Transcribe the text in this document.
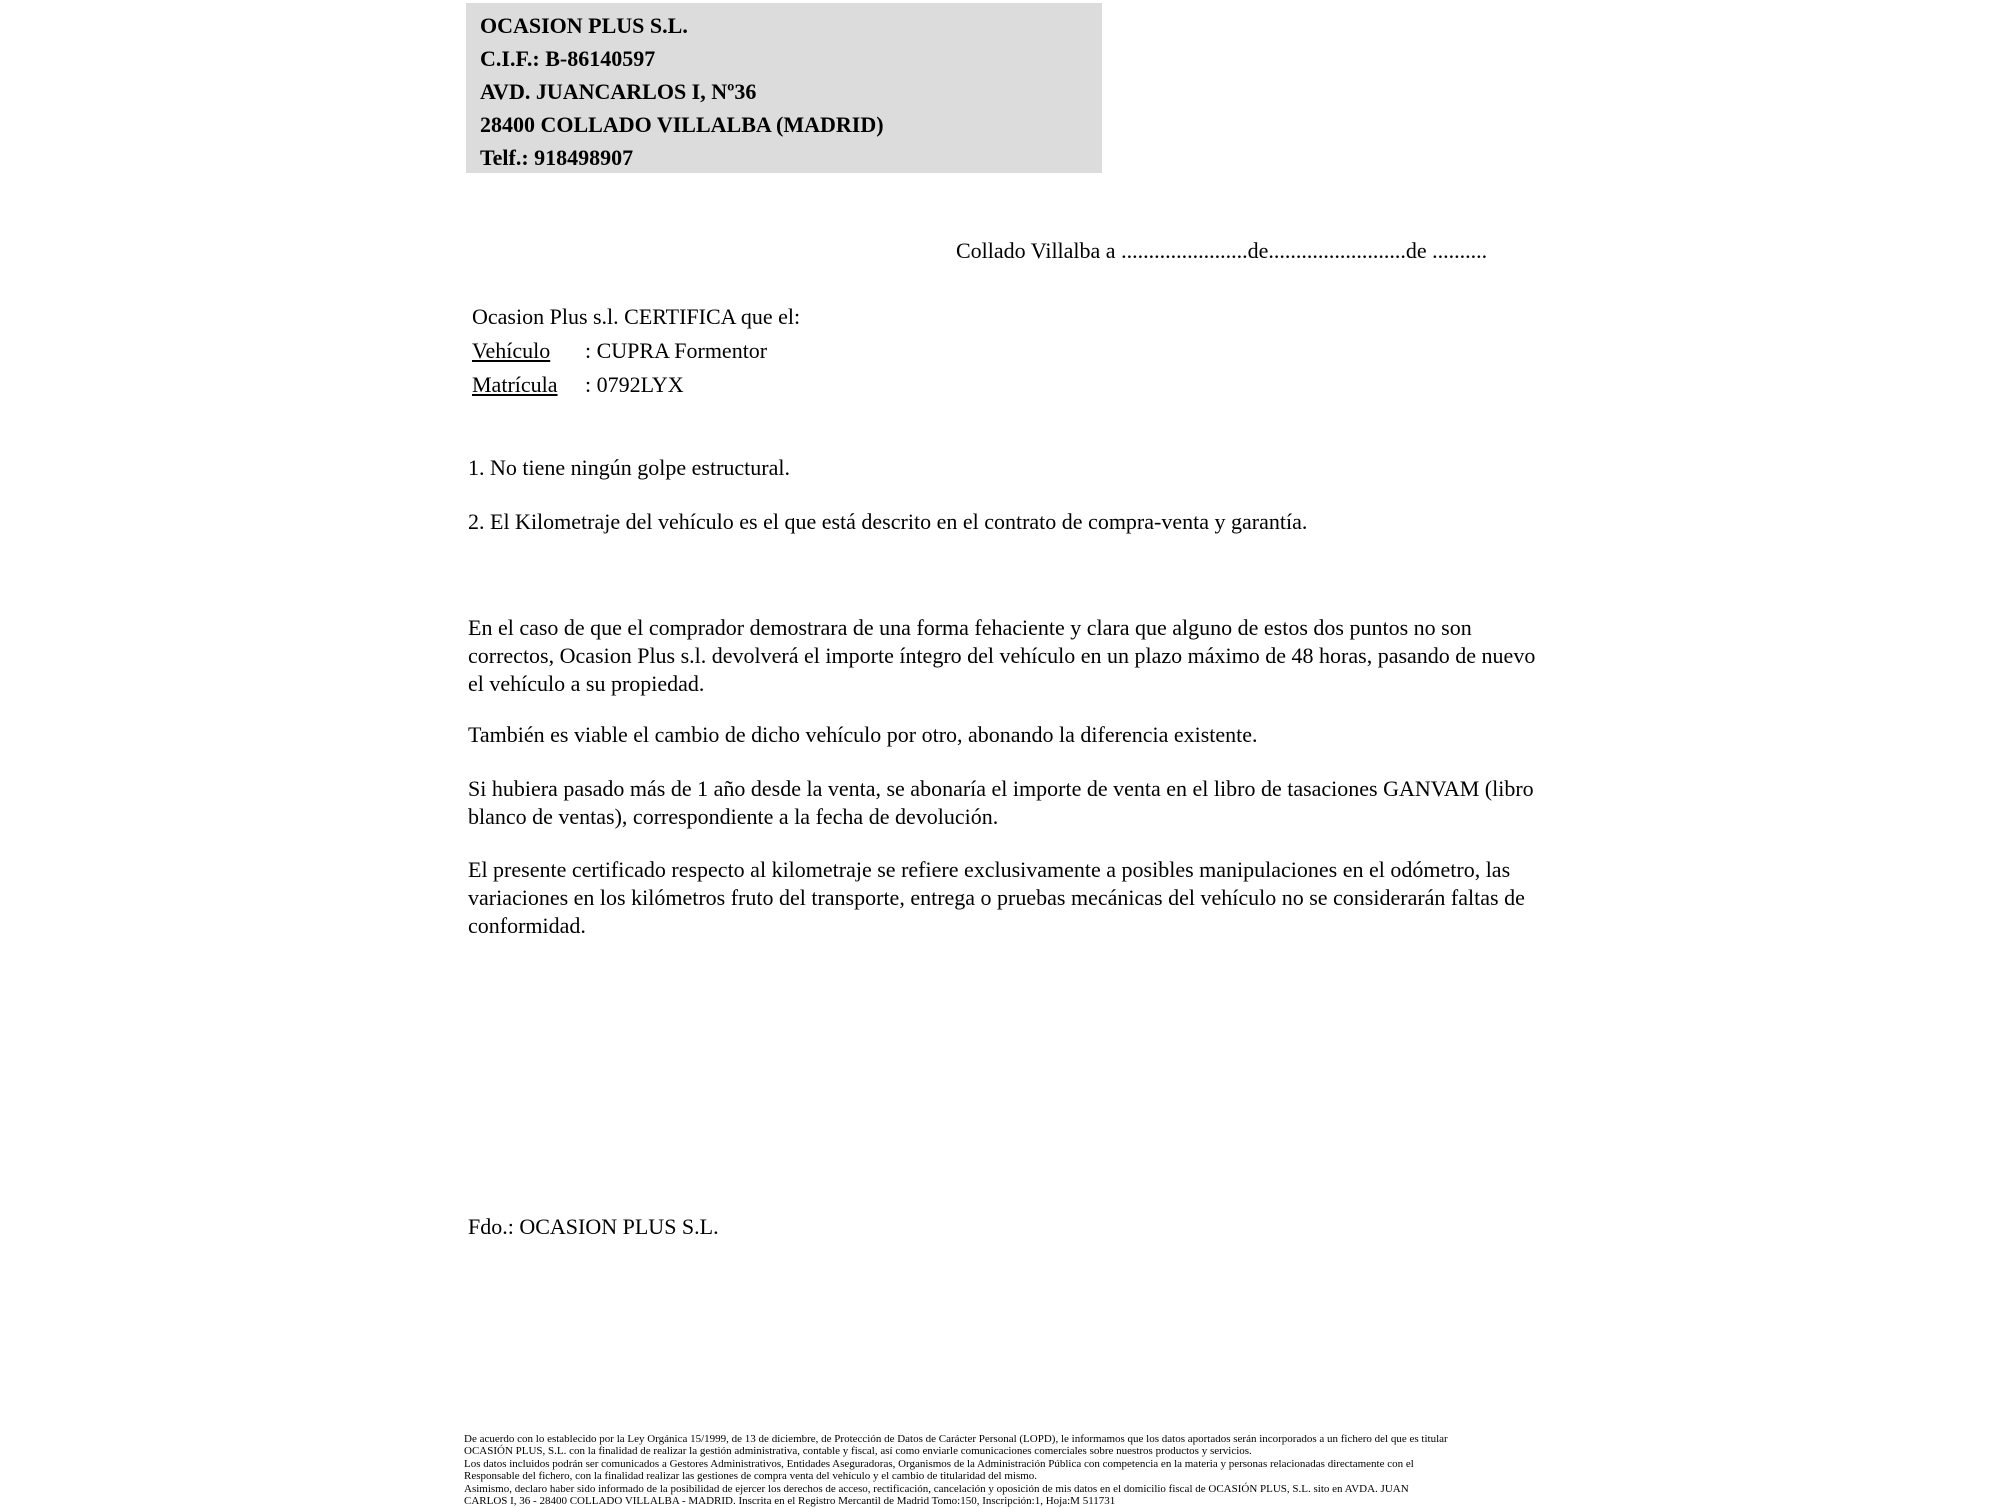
OCASION PLUS S.L.
C.I.F.: B-86140597
AVD. JUANCARLOS I, Nº36
28400 COLLADO VILLALBA (MADRID)
Telf.: 918498907
Collado Villalba a .......................de.........................de ..........
Ocasion Plus s.l. CERTIFICA que el:
Vehículo : CUPRA Formentor
Matrícula : 0792LYX
1. No tiene ningún golpe estructural.
2. El Kilometraje del vehículo es el que está descrito en el contrato de compra-venta y garantía.
En el caso de que el comprador demostrara de una forma fehaciente y clara que alguno de estos dos puntos no son correctos, Ocasion Plus s.l. devolverá el importe íntegro del vehículo en un plazo máximo de 48 horas, pasando de nuevo el vehículo a su propiedad.
También es viable el cambio de dicho vehículo por otro, abonando la diferencia existente.
Si hubiera pasado más de 1 año desde la venta, se abonaría el importe de venta en el libro de tasaciones GANVAM (libro blanco de ventas), correspondiente a la fecha de devolución.
El presente certificado respecto al kilometraje se refiere exclusivamente a posibles manipulaciones en el odómetro, las variaciones en los kilómetros fruto del transporte, entrega o pruebas mecánicas del vehículo no se considerarán faltas de conformidad.
Fdo.: OCASION PLUS S.L.
De acuerdo con lo establecido por la Ley Orgánica 15/1999, de 13 de diciembre, de Protección de Datos de Carácter Personal (LOPD), le informamos que los datos aportados serán incorporados a un fichero del que es titular
OCASIÓN PLUS, S.L. con la finalidad de realizar la gestión administrativa, contable y fiscal, así como enviarle comunicaciones comerciales sobre nuestros productos y servicios.
Los datos incluidos podrán ser comunicados a Gestores Administrativos, Entidades Aseguradoras, Organismos de la Administración Pública con competencia en la materia y personas relacionadas directamente con el
Responsable del fichero, con la finalidad realizar las gestiones de compra venta del vehículo y el cambio de titularidad del mismo.
Asimismo, declaro haber sido informado de la posibilidad de ejercer los derechos de acceso, rectificación, cancelación y oposición de mis datos en el domicilio fiscal de OCASIÓN PLUS, S.L. sito en AVDA. JUAN
CARLOS I, 36 - 28400 COLLADO VILLALBA - MADRID. Inscrita en el Registro Mercantil de Madrid Tomo:150, Inscripción:1, Hoja:M 511731
